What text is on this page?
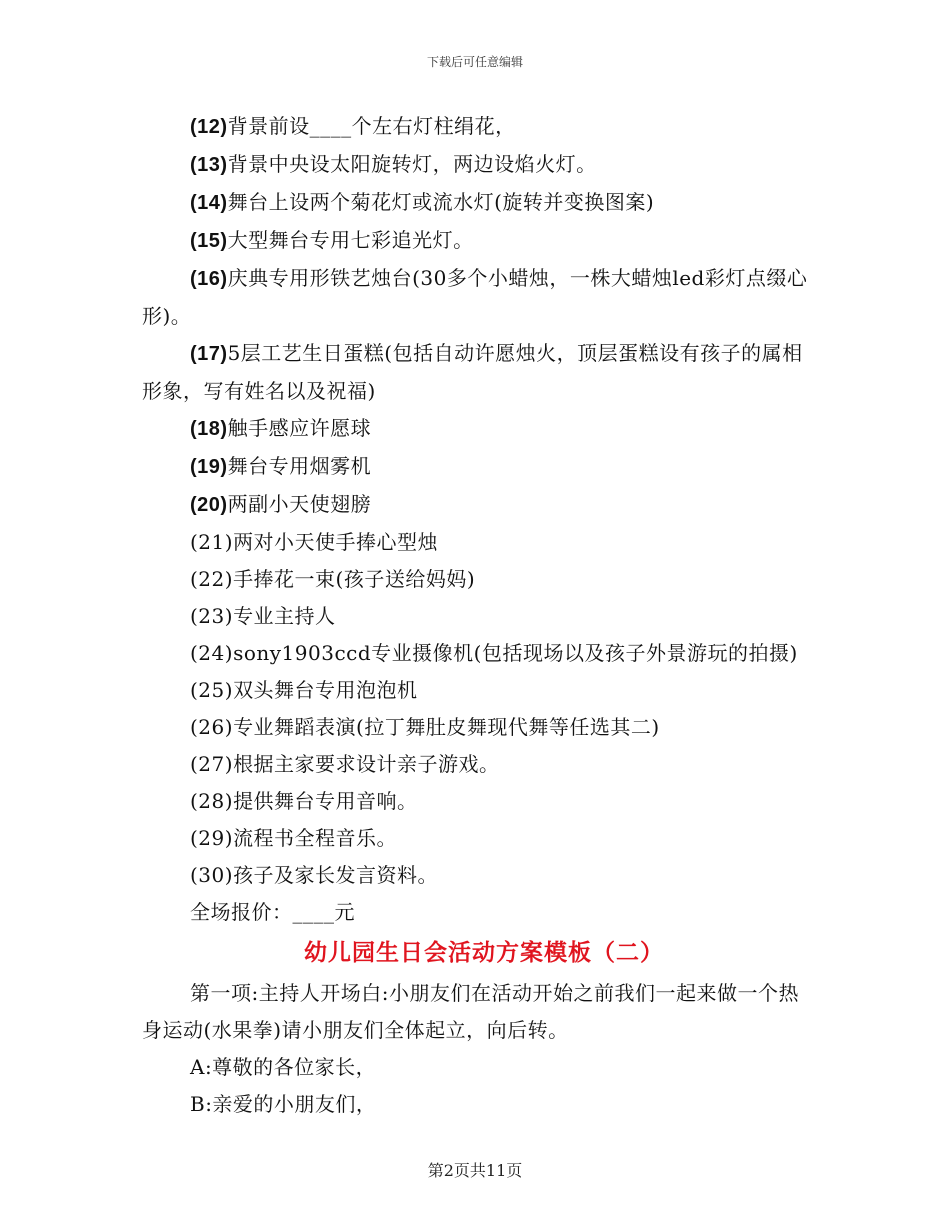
下载后可任意编辑
(12)背景前设____个左右灯柱绢花，
(13)背景中央设太阳旋转灯，两边设焰火灯。
(14)舞台上设两个菊花灯或流水灯(旋转并变换图案)
(15)大型舞台专用七彩追光灯。
(16)庆典专用形铁艺烛台(30多个小蜡烛，一株大蜡烛led彩灯点缀心形)。
(17)5层工艺生日蛋糕(包括自动许愿烛火，顶层蛋糕设有孩子的属相形象，写有姓名以及祝福)
(18)触手感应许愿球
(19)舞台专用烟雾机
(20)两副小天使翅膀
(21)两对小天使手捧心型烛
(22)手捧花一束(孩子送给妈妈)
(23)专业主持人
(24)sony1903ccd专业摄像机(包括现场以及孩子外景游玩的拍摄)
(25)双头舞台专用泡泡机
(26)专业舞蹈表演(拉丁舞肚皮舞现代舞等任选其二)
(27)根据主家要求设计亲子游戏。
(28)提供舞台专用音响。
(29)流程书全程音乐。
(30)孩子及家长发言资料。
全场报价：____元
幼儿园生日会活动方案模板（二）
第一项:主持人开场白:小朋友们在活动开始之前我们一起来做一个热身运动(水果拳)请小朋友们全体起立，向后转。
A:尊敬的各位家长，
B:亲爱的小朋友们，
第2页共11页
